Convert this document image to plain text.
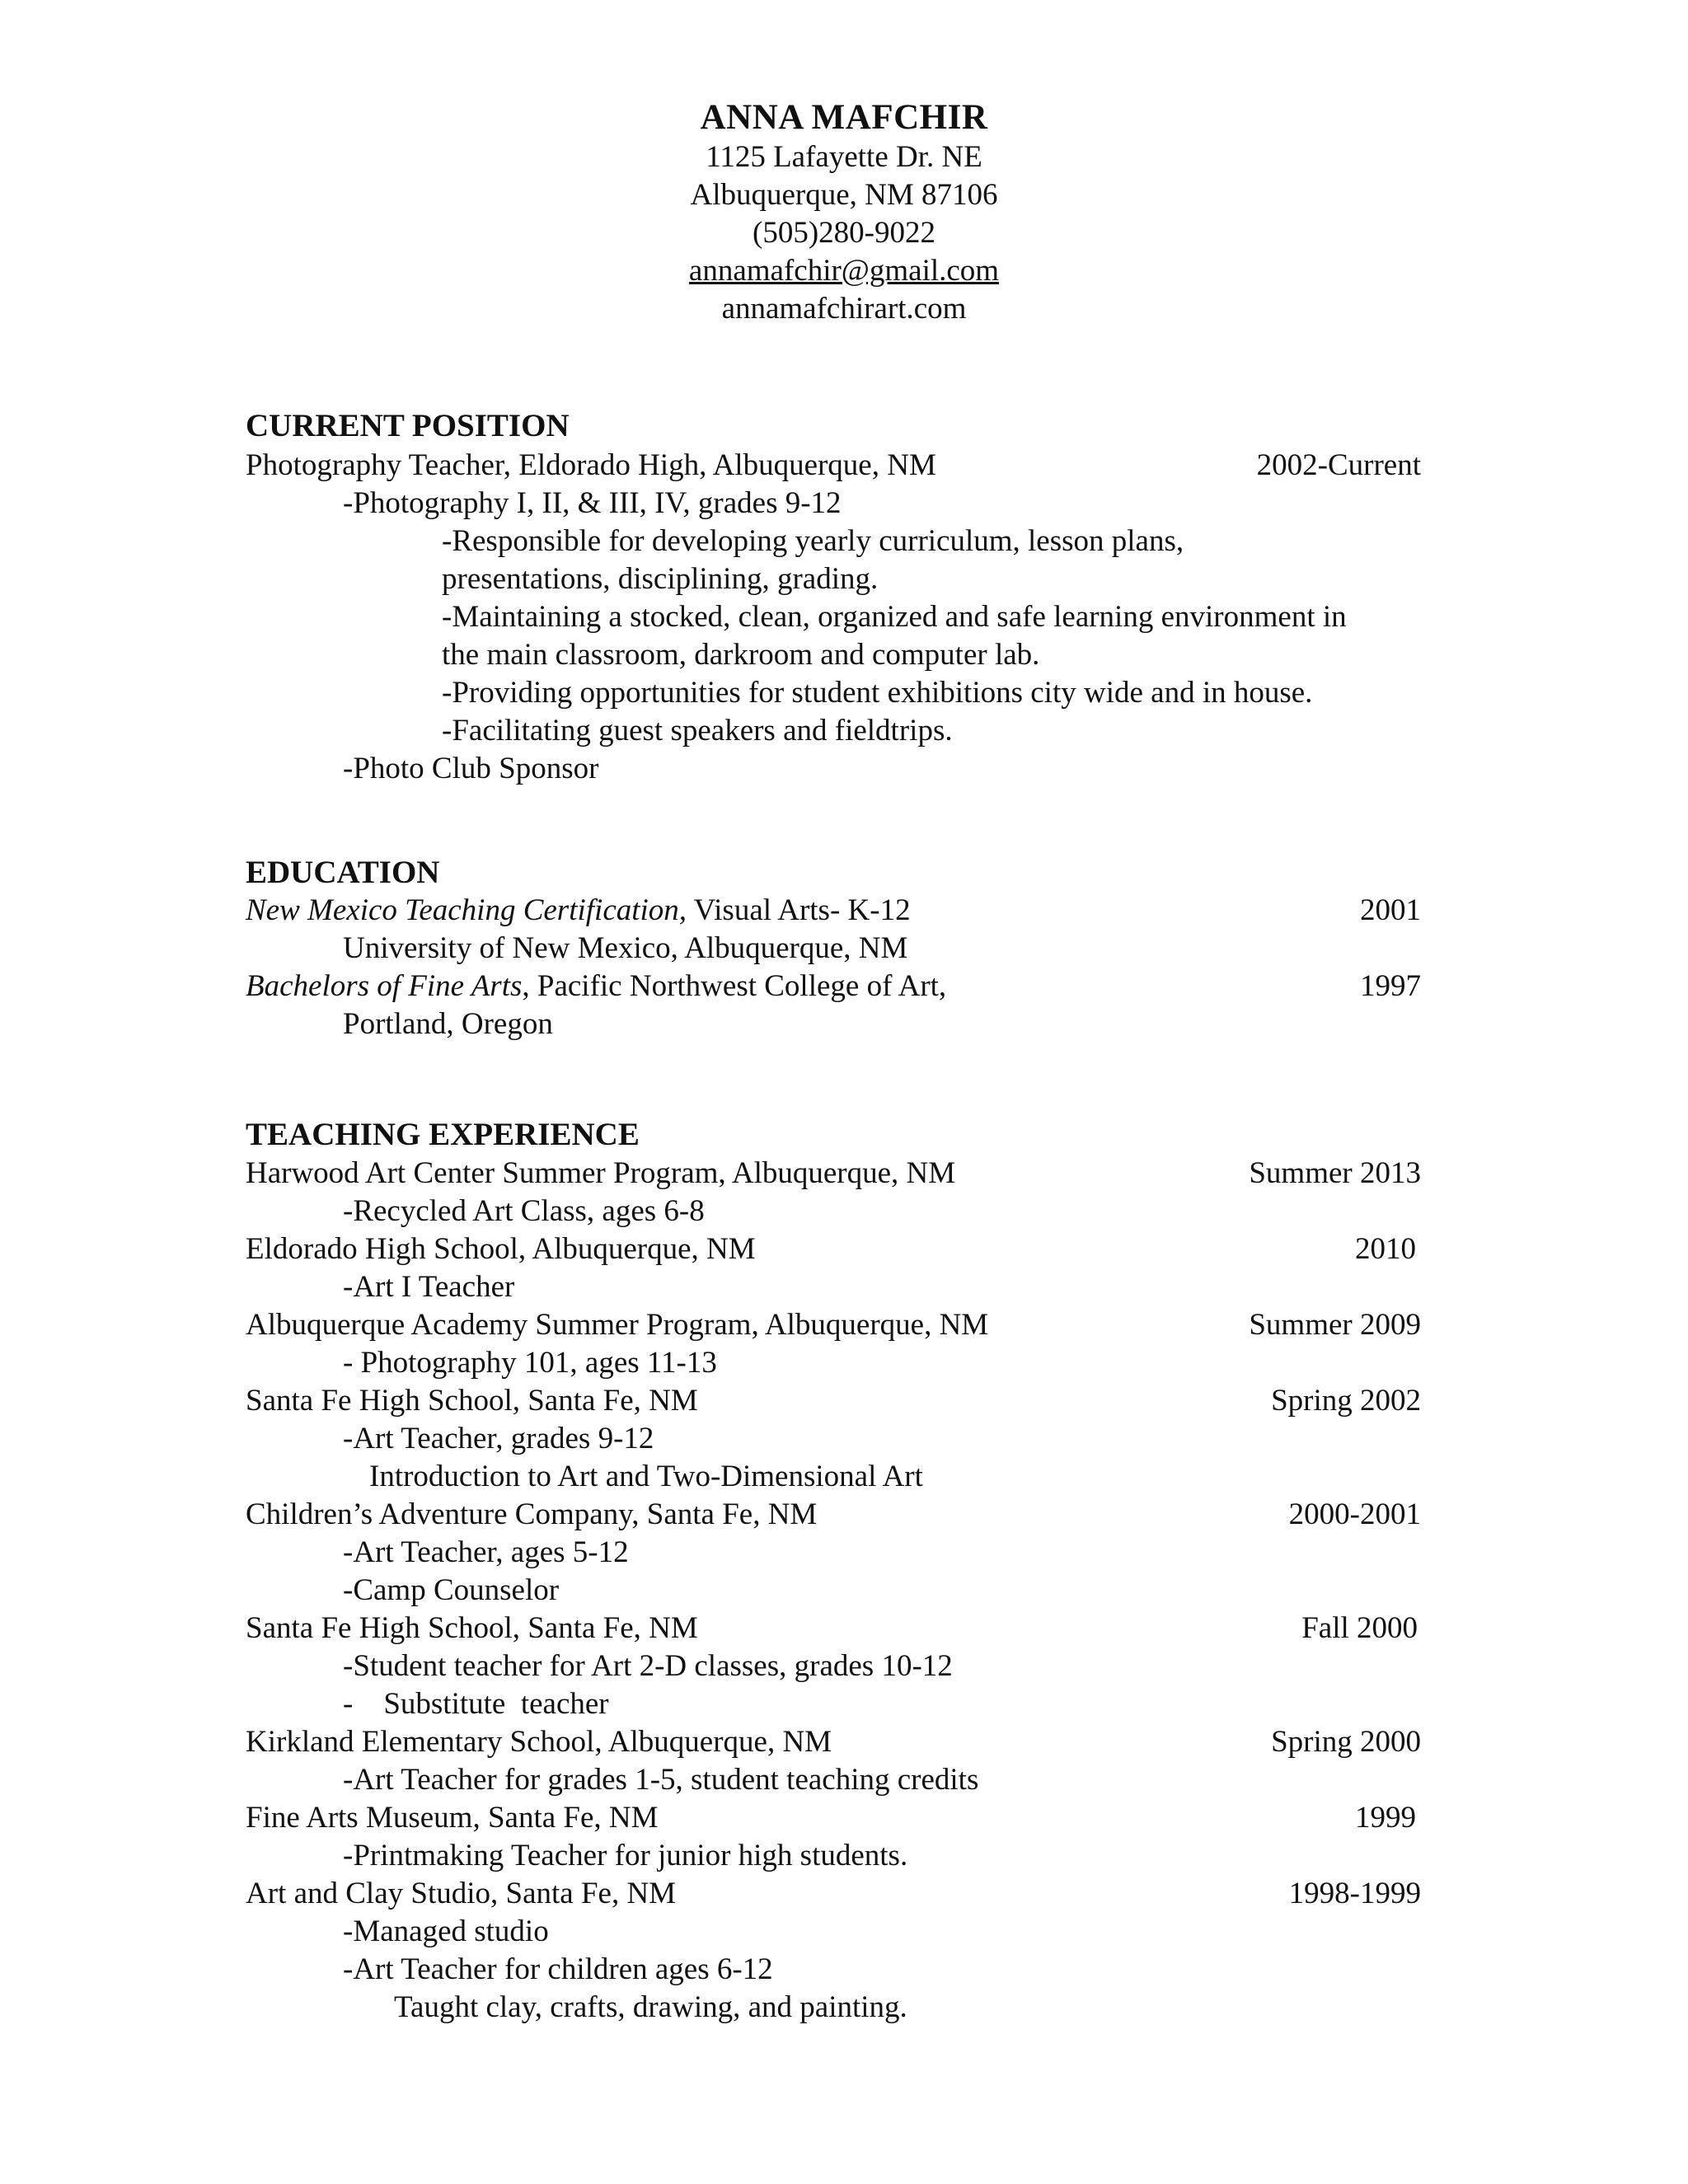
ANNA MAFCHIR
1125 Lafayette Dr. NE
Albuquerque, NM 87106
(505)280-9022
annamafchir@gmail.com
annamafchirart.com
CURRENT POSITION
Photography Teacher, Eldorado High, Albuquerque, NM	2002-Current
-Photography I, II, & III, IV, grades 9-12
-Responsible for developing yearly curriculum, lesson plans,
presentations, disciplining, grading.
-Maintaining a stocked, clean, organized and safe learning environment in
the main classroom, darkroom and computer lab.
-Providing opportunities for student exhibitions city wide and in house.
-Facilitating guest speakers and fieldtrips.
-Photo Club Sponsor
EDUCATION
New Mexico Teaching Certification, Visual Arts- K-12	2001
University of New Mexico, Albuquerque, NM
Bachelors of Fine Arts, Pacific Northwest College of Art,	1997
Portland, Oregon
TEACHING EXPERIENCE
Harwood Art Center Summer Program, Albuquerque, NM	Summer 2013
-Recycled Art Class, ages 6-8
Eldorado High School, Albuquerque, NM	2010
-Art I Teacher
Albuquerque Academy Summer Program, Albuquerque, NM	Summer 2009
- Photography 101, ages 11-13
Santa Fe High School, Santa Fe, NM	Spring 2002
-Art Teacher, grades 9-12
Introduction to Art and Two-Dimensional Art
Children’s Adventure Company, Santa Fe, NM	2000-2001
-Art Teacher, ages 5-12
-Camp Counselor
Santa Fe High School, Santa Fe, NM	Fall 2000
-Student teacher for Art 2-D classes, grades 10-12
-    Substitute  teacher
Kirkland Elementary School, Albuquerque, NM	Spring 2000
-Art Teacher for grades 1-5, student teaching credits
Fine Arts Museum, Santa Fe, NM	1999
-Printmaking Teacher for junior high students.
Art and Clay Studio, Santa Fe, NM	1998-1999
-Managed studio
-Art Teacher for children ages 6-12
Taught clay, crafts, drawing, and painting.
